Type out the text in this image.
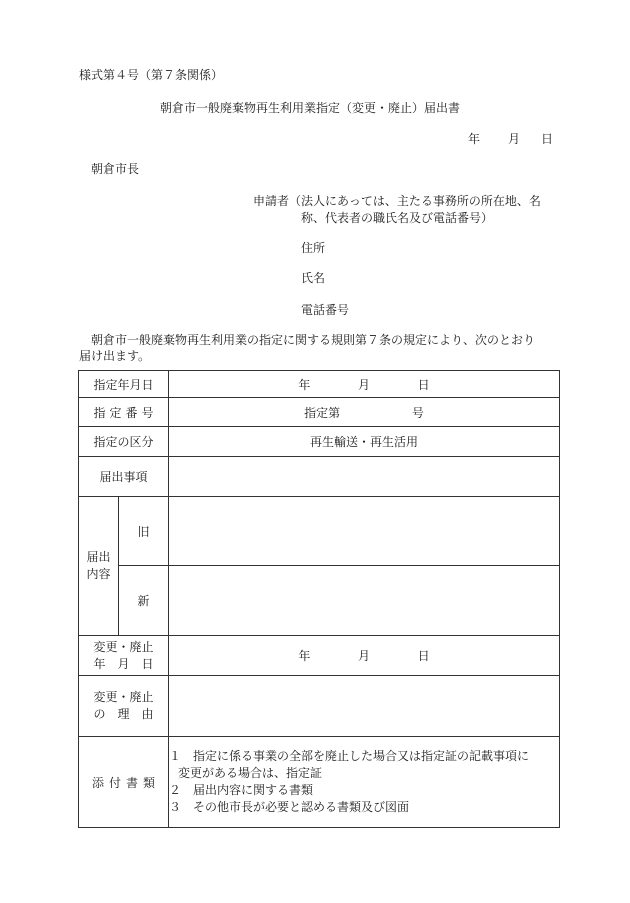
様式第４号（第７条関係）
朝倉市一般廃棄物再生利用業指定（変更・廃止）届出書
年 月 日
朝倉市長
申請者（法人にあっては、主たる事務所の所在地、名
称、代表者の職氏名及び電話番号）
住所
氏名
電話番号
朝倉市一般廃棄物再生利用業の指定に関する規則第７条の規定により、次のとおり
届け出ます。
指定年月日		年 月 日
指 定 番 号		指定第 号
指定の区分		再生輸送・再生活用
届出事項		

届出
内容	旧	
	新	

変更・廃止
年 月 日		年 月 日

変更・廃止
の 理 由		

添 付 書 類		１　指定に係る事業の全部を廃止した場合又は指定証の記載事項に
変更がある場合は、指定証
２　届出内容に関する書類
３　その他市長が必要と認める書類及び図面
